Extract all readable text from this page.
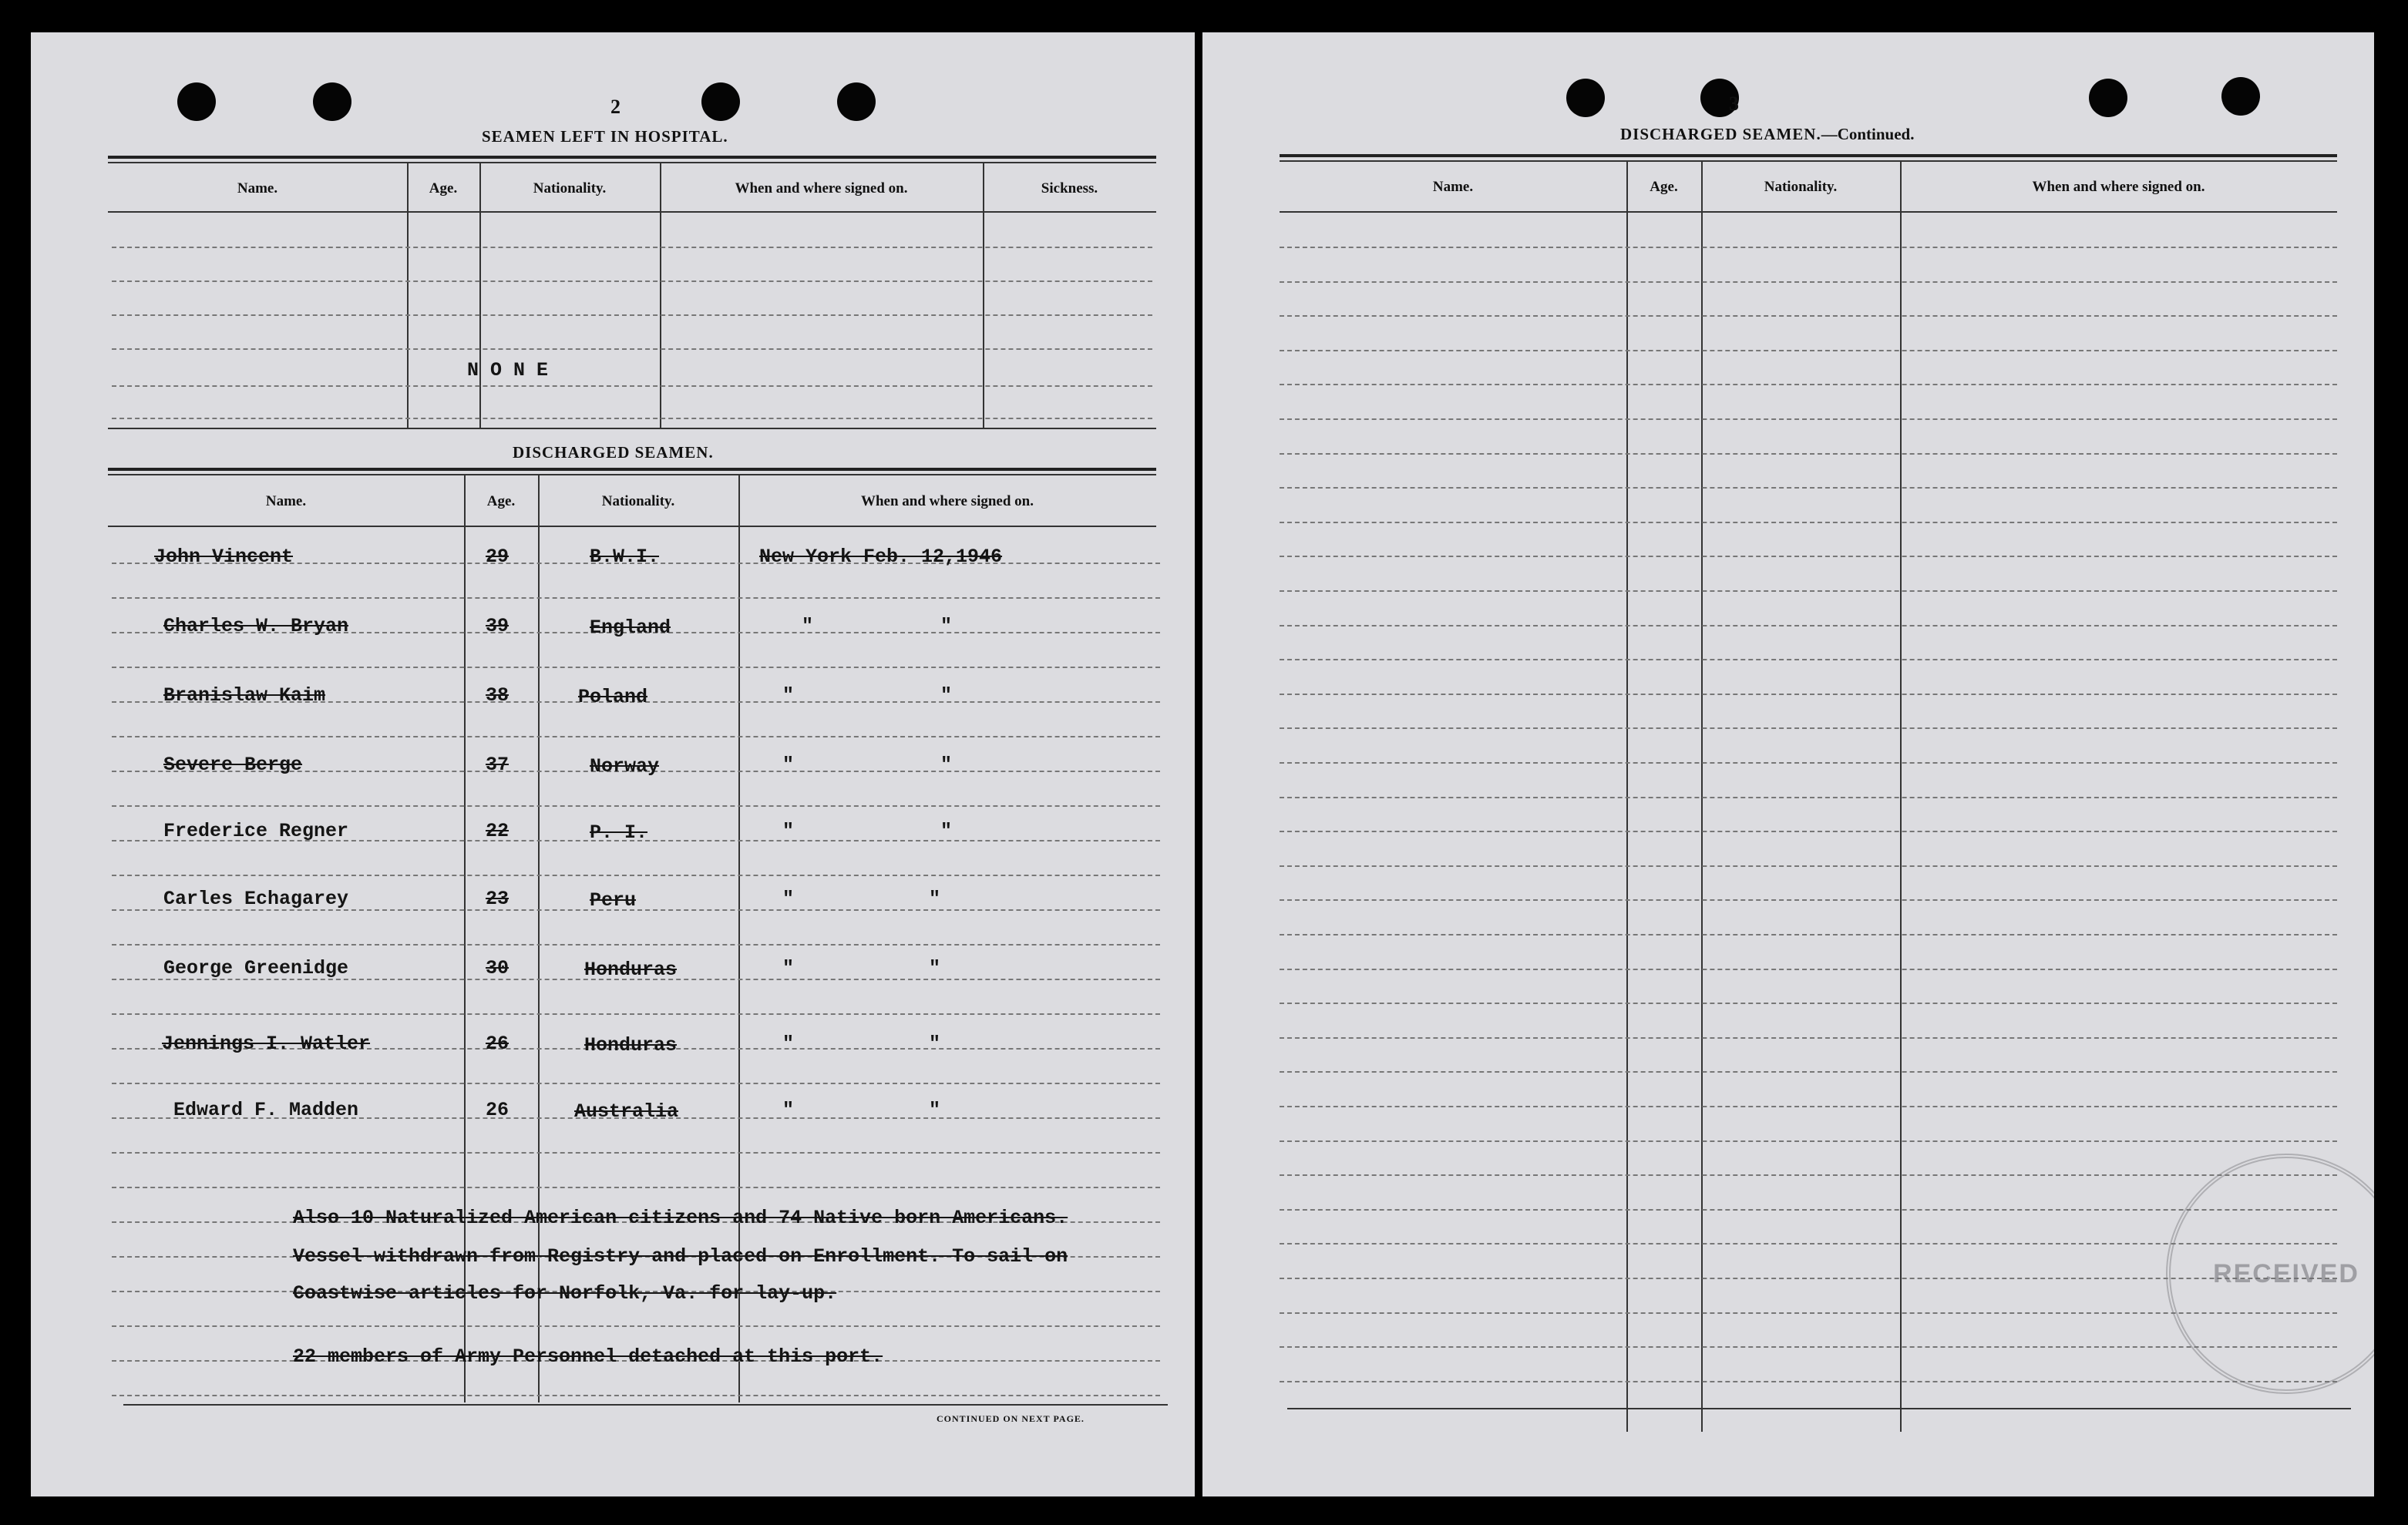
2
SEAMEN LEFT IN HOSPITAL.
Name.	Age.	Nationality.	When and where signed on.	Sickness.
N O N E
DISCHARGED SEAMEN.
Name.	Age.	Nationality.	When and where signed on.
John Vincent	29	B.W.I.	New York Feb. 12,1946
Charles W. Bryan	39	England	"	"
Branislaw Kaim	38	Poland	"	"
Severe Berge	37	Norway	"	"
Frederice Regner	22	P. I.	"	"
Carles Echagarey	23	Peru	"	"
George Greenidge	30	Honduras	"	"
Jennings I. Watler	26	Honduras	"	"
Edward F. Madden	26	Australia	"	"
Also 10 Naturalized American citizens and 74 Native born Americans.
Vessel withdrawn from Registry and placed on Enrollment. To sail on
Coastwise articles for Norfolk, Va. for lay-up.
22 members of Army Personnel detached at this port.
CONTINUED ON NEXT PAGE.
3
DISCHARGED SEAMEN.—Continued.
Name.	Age.	Nationality.	When and where signed on.
RECEIVED
